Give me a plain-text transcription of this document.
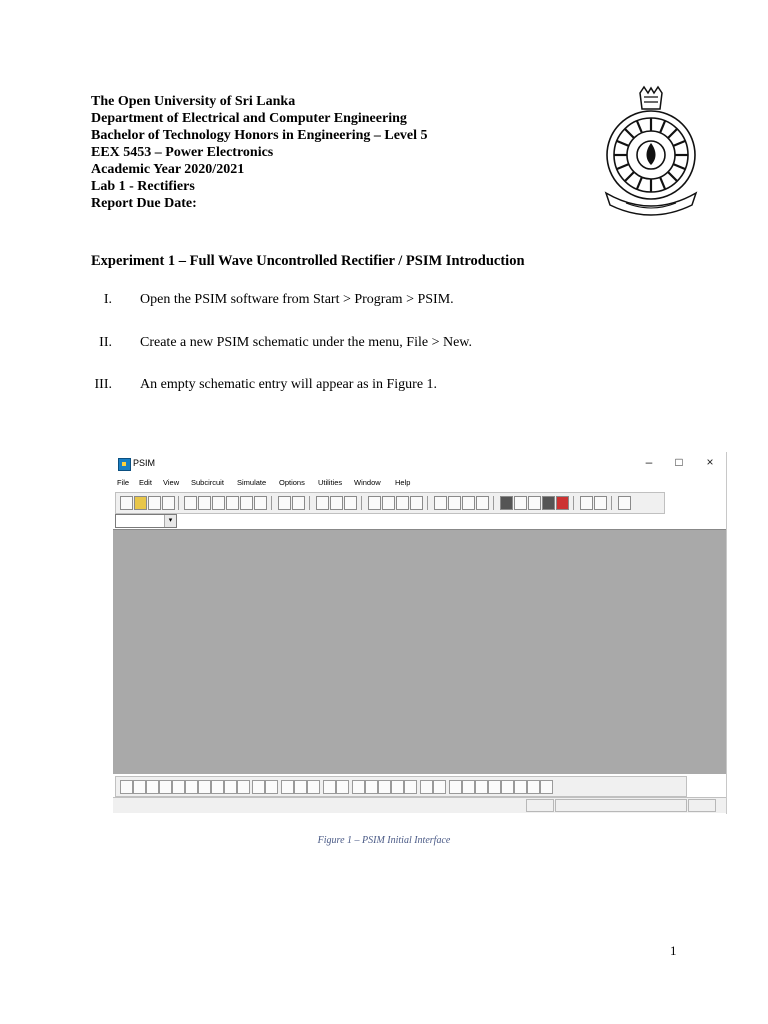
The Open University of Sri Lanka
Department of Electrical and Computer Engineering
Bachelor of Technology Honors in Engineering – Level 5
EEX 5453 – Power Electronics
Academic Year 2020/2021
Lab 1 - Rectifiers
Report Due Date:
Experiment 1 – Full Wave Uncontrolled Rectifier / PSIM Introduction
I. Open the PSIM software from Start > Program > PSIM.
II. Create a new PSIM schematic under the menu, File > New.
III. An empty schematic entry will appear as in Figure 1.
PSIM	–	□	×
File Edit View Subcircuit Simulate Options Utilities Window Help
▾
Figure 1 – PSIM Initial Interface
1
